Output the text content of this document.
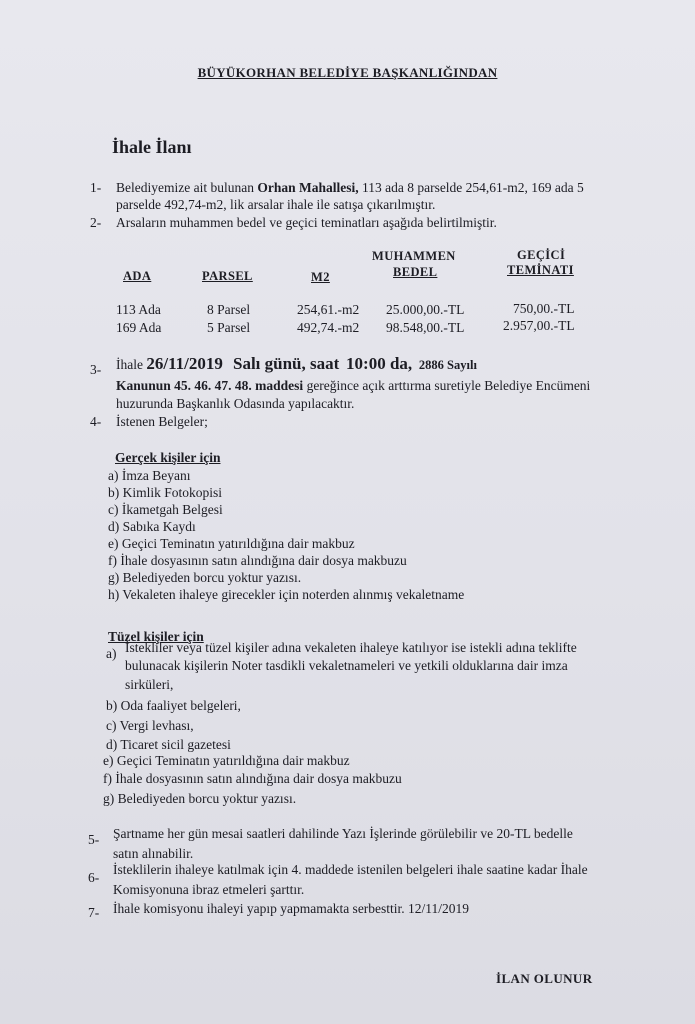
BÜYÜKORHAN BELEDİYE BAŞKANLIĞINDAN
İhale İlanı
1- Belediyemize ait bulunan Orhan Mahallesi, 113 ada 8 parselde 254,61-m2, 169 ada 5
parselde 492,74-m2, lik arsalar ihale ile satışa çıkarılmıştır.
2- Arsaların muhammen bedel ve geçici teminatları aşağıda belirtilmiştir.
ADA	PARSEL	M2
MUHAMMEN
BEDEL
GEÇİCİ
TEMİNATI
113 Ada	8 Parsel	254,61.-m2 25.000,00.-TL	750,00.-TL
169 Ada	5 Parsel	492,74.-m2 98.548,00.-TL	2.957,00.-TL
3- İhale 26/11/2019 Salı günü, saat 10:00 da, 2886 Sayılı
Kanunun 45. 46. 47. 48. maddesi gereğince açık arttırma suretiyle Belediye Encümeni
huzurunda Başkanlık Odasında yapılacaktır.
4- İstenen Belgeler;
Gerçek kişiler için
a) İmza Beyanı
b) Kimlik Fotokopisi
c) İkametgah Belgesi
d) Sabıka Kaydı
e) Geçici Teminatın yatırıldığına dair makbuz
f) İhale dosyasının satın alındığına dair dosya makbuzu
g) Belediyeden borcu yoktur yazısı.
h) Vekaleten ihaleye girecekler için noterden alınmış vekaletname
Tüzel kişiler için
a) İstekliler veya tüzel kişiler adına vekaleten ihaleye katılıyor ise istekli adına teklifte
bulunacak kişilerin Noter tasdikli vekaletnameleri ve yetkili olduklarına dair imza
sirküleri,
b) Oda faaliyet belgeleri,
c) Vergi levhası,
d) Ticaret sicil gazetesi
e) Geçici Teminatın yatırıldığına dair makbuz
f) İhale dosyasının satın alındığına dair dosya makbuzu
g) Belediyeden borcu yoktur yazısı.
5- Şartname her gün mesai saatleri dahilinde Yazı İşlerinde görülebilir ve 20-TL bedelle
satın alınabilir.
6-
İsteklilerin ihaleye katılmak için 4. maddede istenilen belgeleri ihale saatine kadar İhale
Komisyonuna ibraz etmeleri şarttır.
7- İhale komisyonu ihaleyi yapıp yapmamakta serbesttir. 12/11/2019
İLAN OLUNUR
